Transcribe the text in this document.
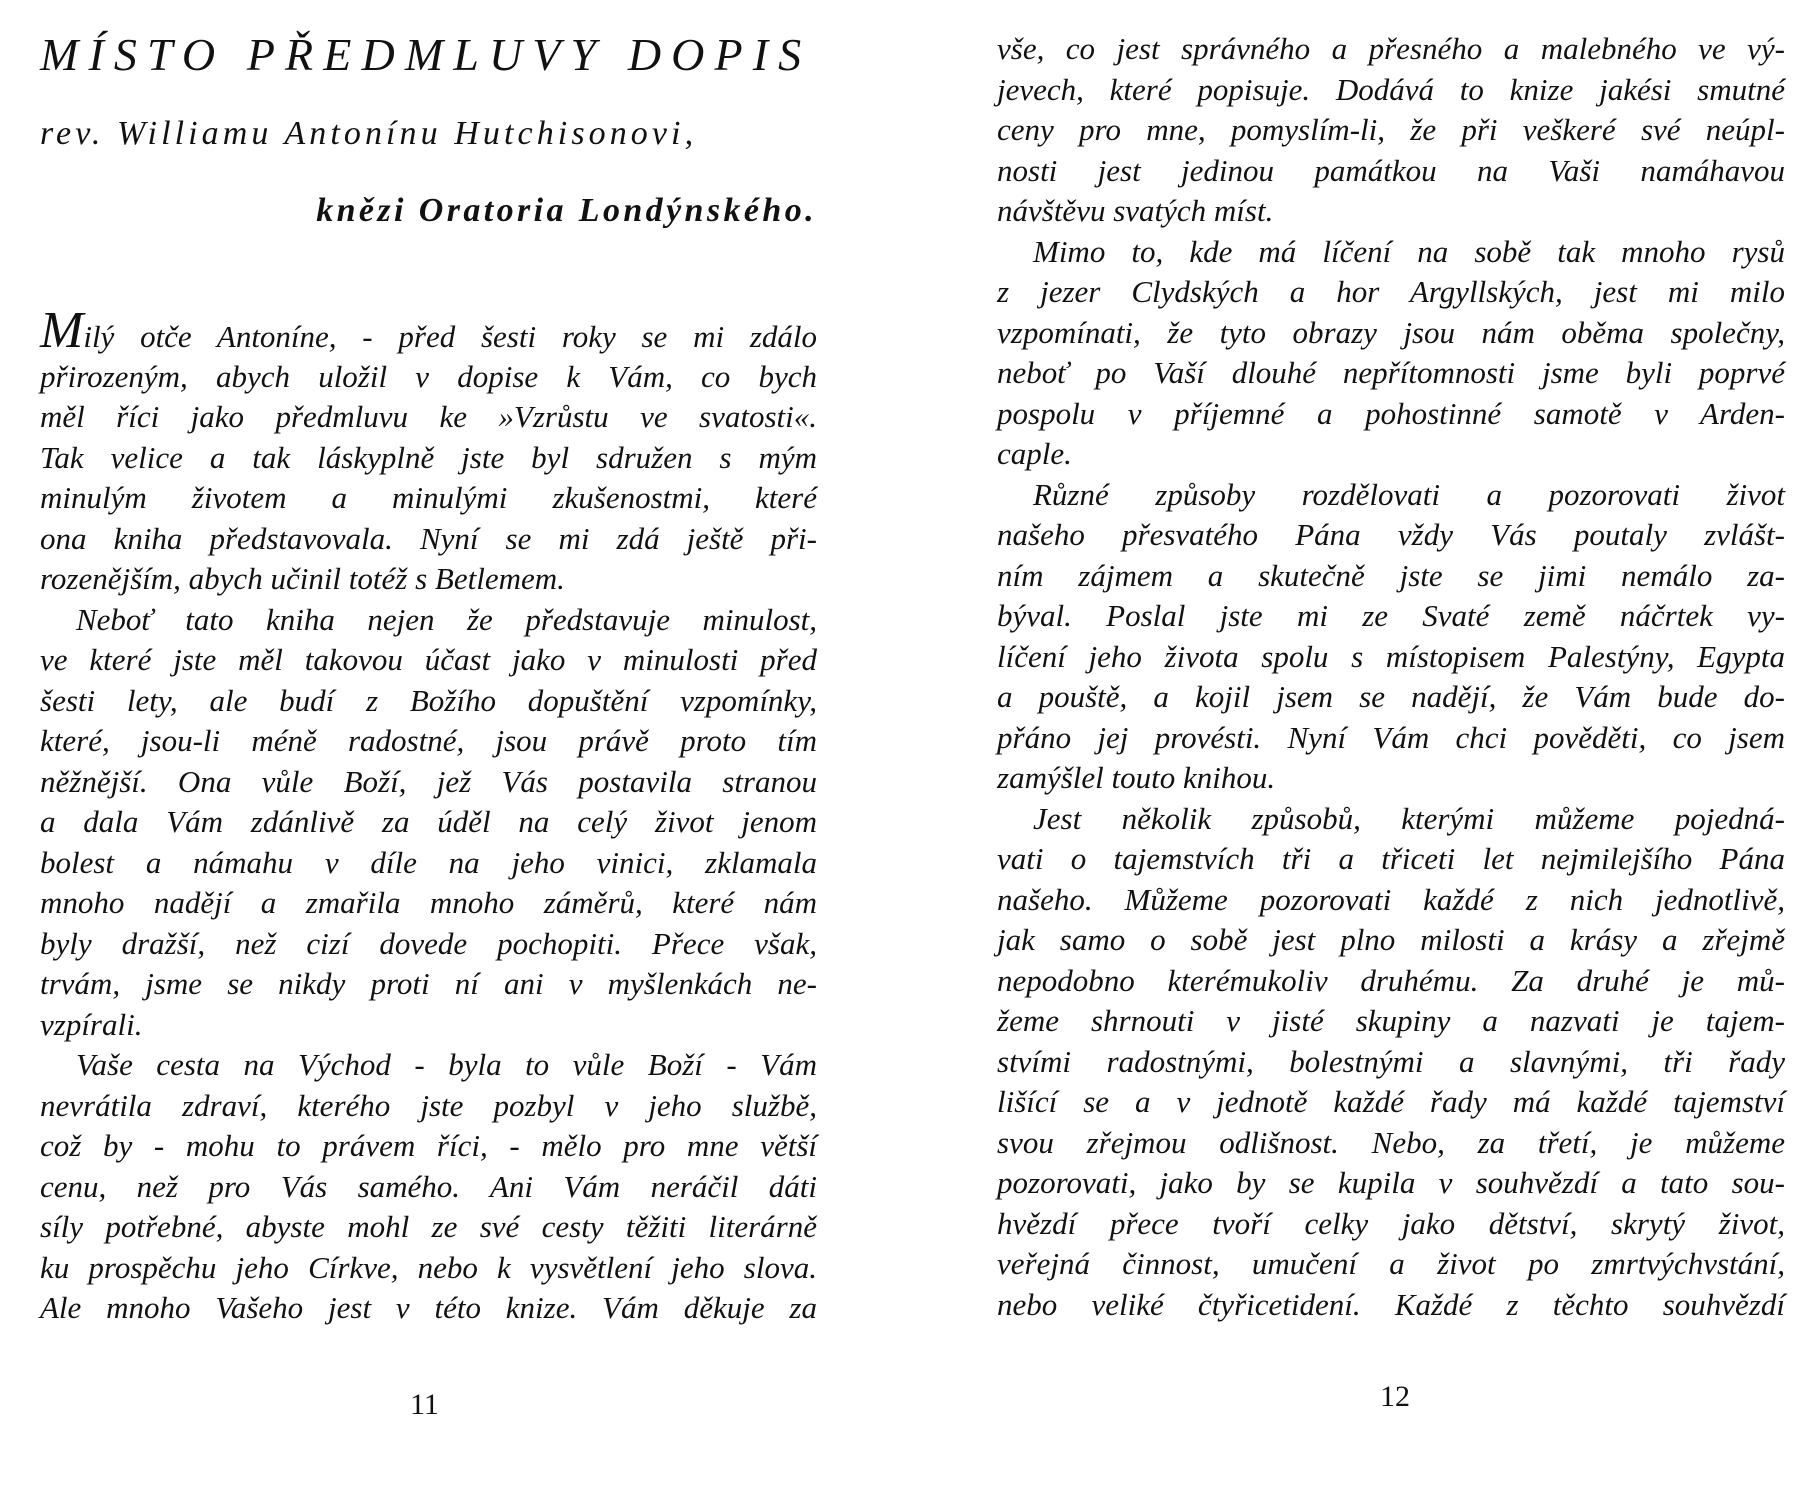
MÍSTO PŘEDMLUVY DOPIS
rev. Williamu Antonínu Hutchisonovi,
knězi Oratoria Londýnského.
Milý otče Antoníne, - před šesti roky se mi zdálo
přirozeným, abych uložil v dopise k Vám, co bych
měl říci jako předmluvu ke »Vzrůstu ve svatosti«.
Tak velice a tak láskyplně jste byl sdružen s mým
minulým životem a minulými zkušenostmi, které
ona kniha představovala. Nyní se mi zdá ještě při-
rozenějším, abych učinil totéž s Betlemem.
Neboť tato kniha nejen že představuje minulost,
ve které jste měl takovou účast jako v minulosti před
šesti lety, ale budí z Božího dopuštění vzpomínky,
které, jsou-li méně radostné, jsou právě proto tím
něžnější. Ona vůle Boží, jež Vás postavila stranou
a dala Vám zdánlivě za úděl na celý život jenom
bolest a námahu v díle na jeho vinici, zklamala
mnoho nadějí a zmařila mnoho záměrů, které nám
byly dražší, než cizí dovede pochopiti. Přece však,
trvám, jsme se nikdy proti ní ani v myšlenkách ne-
vzpírali.
Vaše cesta na Východ - byla to vůle Boží - Vám
nevrátila zdraví, kterého jste pozbyl v jeho službě,
což by - mohu to právem říci, - mělo pro mne větší
cenu, než pro Vás samého. Ani Vám neráčil dáti
síly potřebné, abyste mohl ze své cesty těžiti literárně
ku prospěchu jeho Církve, nebo k vysvětlení jeho slova.
Ale mnoho Vašeho jest v této knize. Vám děkuje za
11
vše, co jest správného a přesného a malebného ve vý-
jevech, které popisuje. Dodává to knize jakési smutné
ceny pro mne, pomyslím-li, že při veškeré své neúpl-
nosti jest jedinou památkou na Vaši namáhavou
návštěvu svatých míst.
Mimo to, kde má líčení na sobě tak mnoho rysů
z jezer Clydských a hor Argyllských, jest mi milo
vzpomínati, že tyto obrazy jsou nám oběma společny,
neboť po Vaší dlouhé nepřítomnosti jsme byli poprvé
pospolu v příjemné a pohostinné samotě v Arden-
caple.
Různé způsoby rozdělovati a pozorovati život
našeho přesvatého Pána vždy Vás poutaly zvlášt-
ním zájmem a skutečně jste se jimi nemálo za-
býval. Poslal jste mi ze Svaté země náčrtek vy-
líčení jeho života spolu s místopisem Palestýny, Egypta
a pouště, a kojil jsem se nadějí, že Vám bude do-
přáno jej provésti. Nyní Vám chci pověděti, co jsem
zamýšlel touto knihou.
Jest několik způsobů, kterými můžeme pojedná-
vati o tajemstvích tři a třiceti let nejmilejšího Pána
našeho. Můžeme pozorovati každé z nich jednotlivě,
jak samo o sobě jest plno milosti a krásy a zřejmě
nepodobno kterémukoliv druhému. Za druhé je mů-
žeme shrnouti v jisté skupiny a nazvati je tajem-
stvími radostnými, bolestnými a slavnými, tři řady
lišící se a v jednotě každé řady má každé tajemství
svou zřejmou odlišnost. Nebo, za třetí, je můžeme
pozorovati, jako by se kupila v souhvězdí a tato sou-
hvězdí přece tvoří celky jako dětství, skrytý život,
veřejná činnost, umučení a život po zmrtvýchvstání,
nebo veliké čtyřicetidení. Každé z těchto souhvězdí
12
